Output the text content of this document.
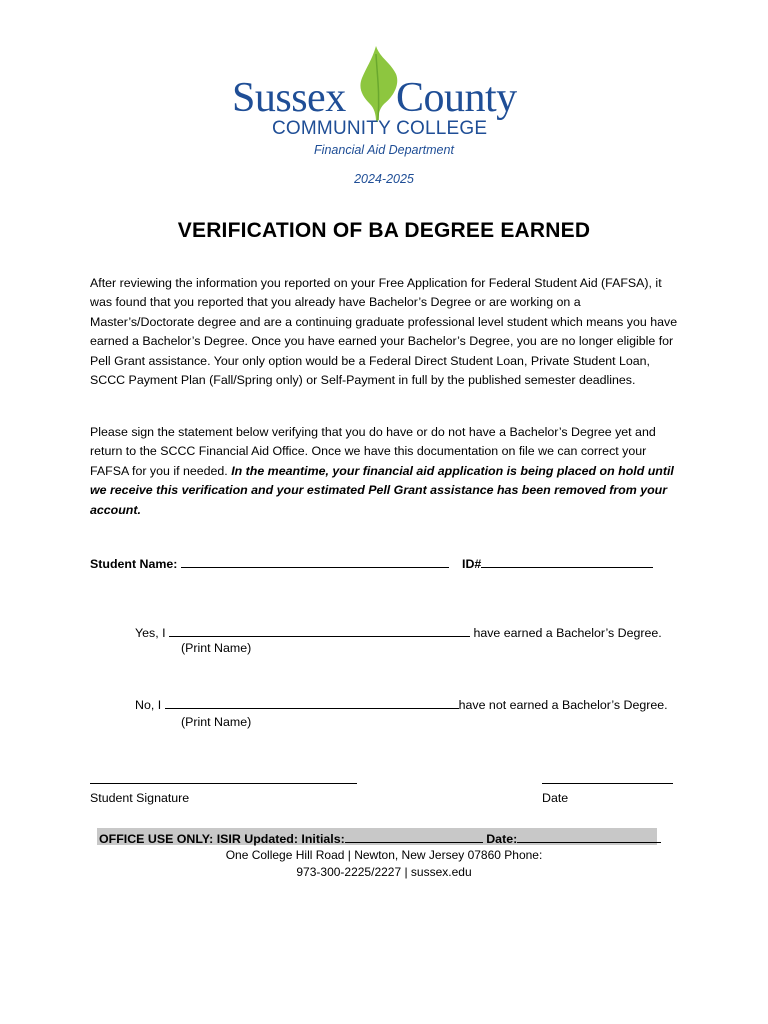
Sussex County
COMMUNITY COLLEGE
Financial Aid Department
2024-2025
VERIFICATION OF BA DEGREE EARNED
After reviewing the information you reported on your Free Application for Federal Student Aid (FAFSA), it was found that you reported that you already have Bachelor’s Degree or are working on a Master’s/Doctorate degree and are a continuing graduate professional level student which means you have earned a Bachelor’s Degree. Once you have earned your Bachelor’s Degree, you are no longer eligible for Pell Grant assistance. Your only option would be a Federal Direct Student Loan, Private Student Loan, SCCC Payment Plan (Fall/Spring only) or Self-Payment in full by the published semester deadlines.
Please sign the statement below verifying that you do have or do not have a Bachelor’s Degree yet and return to the SCCC Financial Aid Office. Once we have this documentation on file we can correct your FAFSA for you if needed. In the meantime, your financial aid application is being placed on hold until we receive this verification and your estimated Pell Grant assistance has been removed from your account.
Student Name:	ID#
Yes, I	have earned a Bachelor’s Degree.
(Print Name)
No, I	have not earned a Bachelor’s Degree.
(Print Name)
Student Signature	Date
OFFICE USE ONLY: ISIR Updated: Initials:	Date:
One College Hill Road | Newton, New Jersey 07860 Phone:
973-300-2225/2227 | sussex.edu
